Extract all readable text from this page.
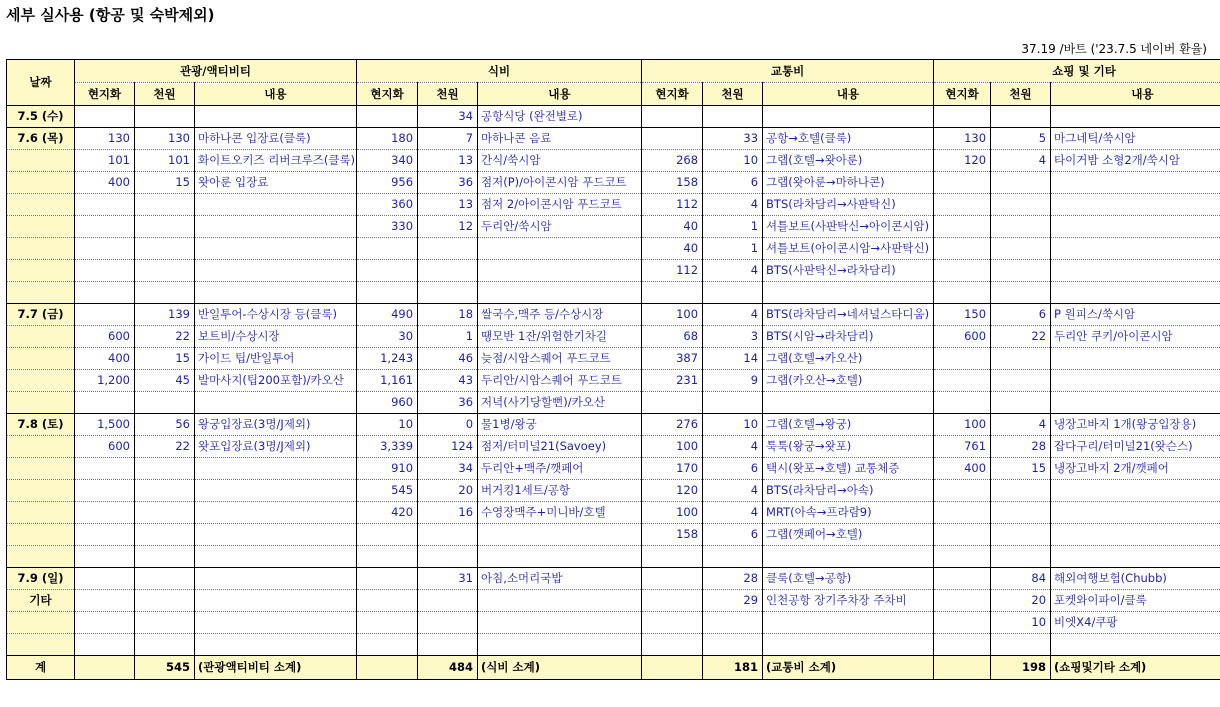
세부 실사용 (항공 및 숙박제외)
37.19 /바트 ('23.7.5 네이버 환율)
날짜	관광/액티비티			식비			교통비			쇼핑 및 기타		
	현지화	천원	내용	현지화	천원	내용	현지화	천원	내용	현지화	천원	내용
7.5 (수)					34	공항식당 (완전별로)						
7.6 (목)	130	130	마하나콘 입장료(클룩)	180	7	마하나콘 음료		33	공항→호텔(클룩)	130	5	마그네틱/쑥시암
	101	101	화이트오키즈 리버크루즈(클룩)	340	13	간식/쑥시암	268	10	그랩(호텔→왓아룬)	120	4	타이거밤 소형2개/쑥시암
	400	15	왓아룬 입장료	956	36	점저(P)/아이콘시암 푸드코트	158	6	그랩(왓아룬→마하나콘)			
				360	13	점저 2/아이콘시암 푸드코트	112	4	BTS(라차담리→사판탁신)			
				330	12	두리안/쑥시암	40	1	셔틀보트(사판탁신→아이콘시암)			
							40	1	셔틀보트(아이콘시암→사판탁신)			
							112	4	BTS(사판탁신→라차담리)			

7.7 (금)		139	반일투어-수상시장 등(클룩)	490	18	쌀국수,맥주 등/수상시장	100	4	BTS(라차담리→네셔널스타디움)	150	6	P 원피스/쑥시암
	600	22	보트비/수상시장	30	1	땡모반 1잔/위험한기차길	68	3	BTS(시암→라차담리)	600	22	두리안 쿠키/아이콘시암
	400	15	가이드 팁/반일투어	1,243	46	늦점/시암스퀘어 푸드코트	387	14	그랩(호텔→카오산)			
	1,200	45	발마사지(팁200포함)/카오산	1,161	43	두리안/시암스퀘어 푸드코트	231	9	그랩(카오산→호텔)			
				960	36	저녁(사기당할뻔)/카오산						
7.8 (토)	1,500	56	왕궁입장료(3명/J제외)	10	0	물1병/왕궁	276	10	그랩(호텔→왕궁)	100	4	냉장고바지 1개(왕궁입장용)
	600	22	왓포입장료(3명/J제외)	3,339	124	점저/터미널21(Savoey)	100	4	툭툭(왕궁→왓포)	761	28	잡다구리/터미널21(왓슨스)
				910	34	두리안+맥주/깻페어	170	6	택시(왓포→호텔) 교통체증	400	15	냉장고바지 2개/깻페어
				545	20	버거킹1세트/공항	120	4	BTS(라차담리→아속)			
				420	16	수영장맥주+미니바/호텔	100	4	MRT(아속→프라람9)			
							158	6	그랩(깻페어→호텔)			

7.9 (일)					31	아침,소머리국밥		28	클룩(호텔→공항)		84	해외여행보험(Chubb)
기타								29	인천공항 장기주차장 주차비		20	포켓와이파이/클룩
											10	비엣X4/쿠팡

계		545	(관광액티비티 소계)		484	(식비 소계)		181	(교통비 소계)		198	(쇼핑및기타 소계)
